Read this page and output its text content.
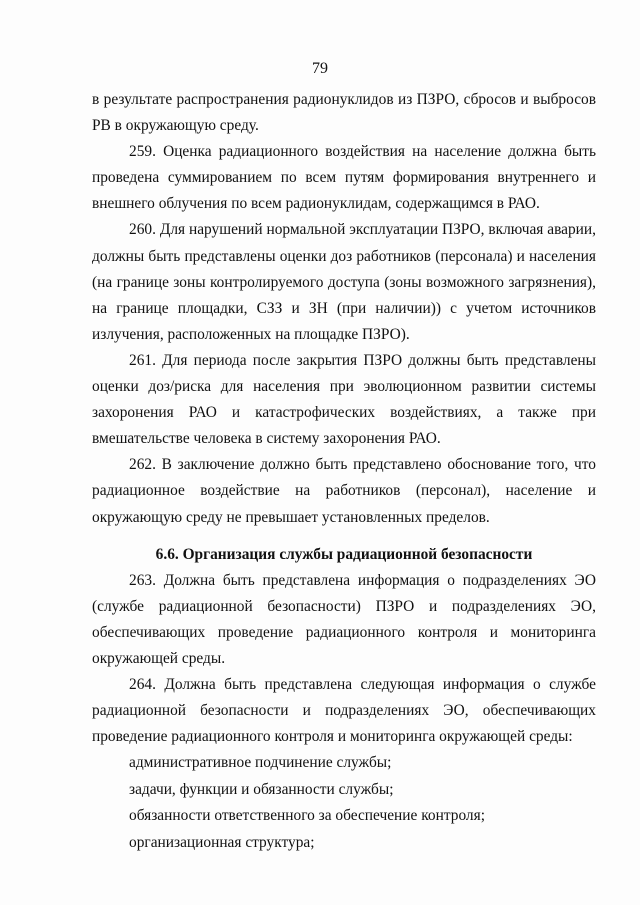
79

в результате распространения радионуклидов из ПЗРО, сбросов и выбросов РВ в окружающую среду.

259. Оценка радиационного воздействия на население должна быть проведена суммированием по всем путям формирования внутреннего и внешнего облучения по всем радионуклидам, содержащимся в РАО.

260. Для нарушений нормальной эксплуатации ПЗРО, включая аварии, должны быть представлены оценки доз работников (персонала) и населения (на границе зоны контролируемого доступа (зоны возможного загрязнения), на границе площадки, СЗЗ и ЗН (при наличии)) с учетом источников излучения, расположенных на площадке ПЗРО).

261. Для периода после закрытия ПЗРО должны быть представлены оценки доз/риска для населения при эволюционном развитии системы захоронения РАО и катастрофических воздействиях, а также при вмешательстве человека в систему захоронения РАО.

262. В заключение должно быть представлено обоснование того, что радиационное воздействие на работников (персонал), население и окружающую среду не превышает установленных пределов.

6.6. Организация службы радиационной безопасности

263. Должна быть представлена информация о подразделениях ЭО (службе радиационной безопасности) ПЗРО и подразделениях ЭО, обеспечивающих проведение радиационного контроля и мониторинга окружающей среды.

264. Должна быть представлена следующая информация о службе радиационной безопасности и подразделениях ЭО, обеспечивающих проведение радиационного контроля и мониторинга окружающей среды:

административное подчинение службы;

задачи, функции и обязанности службы;

обязанности ответственного за обеспечение контроля;

организационная структура;
